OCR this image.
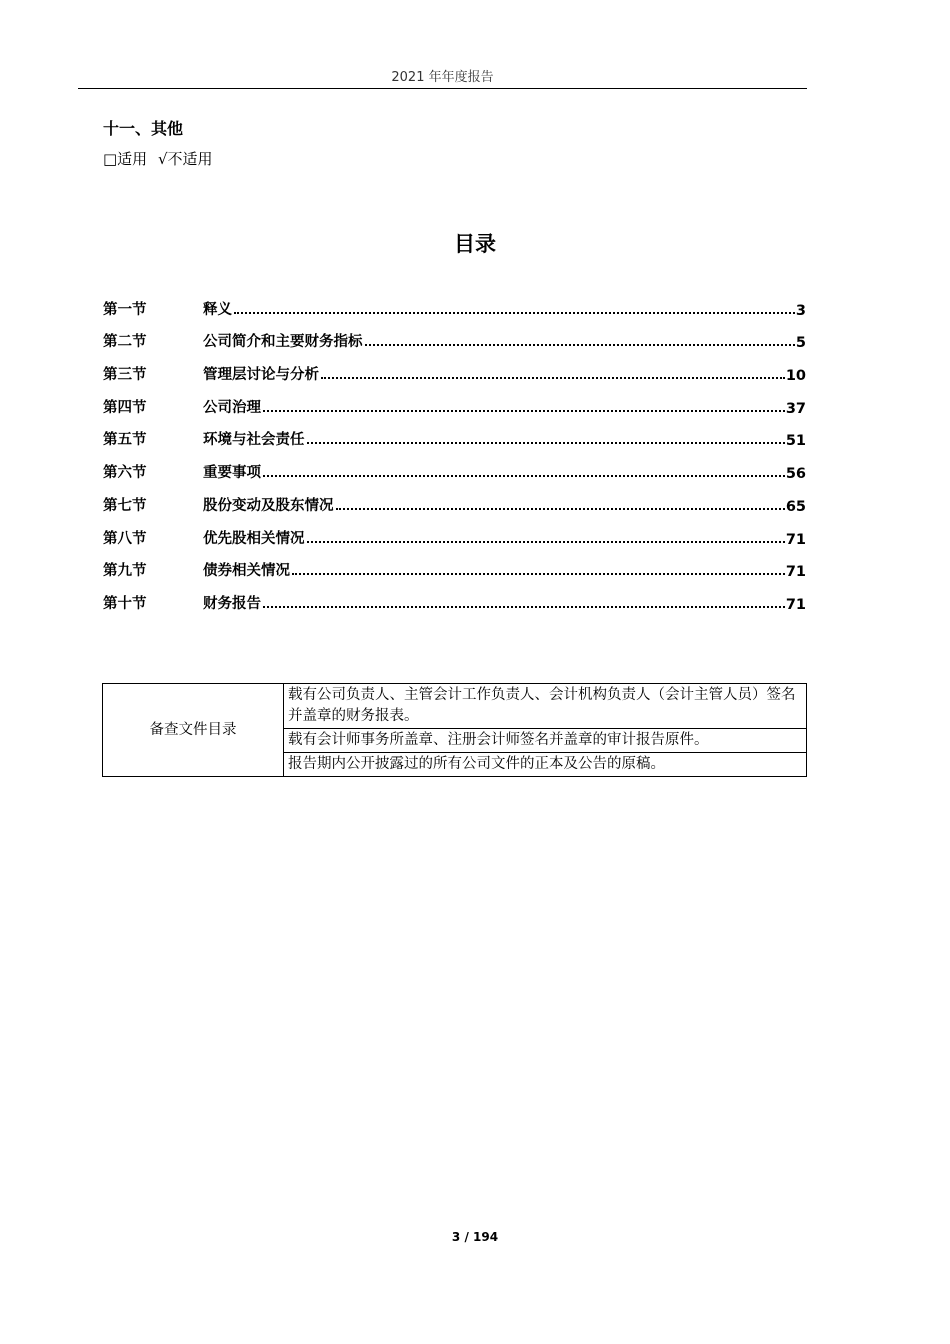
2021 年年度报告
十一、其他
□适用 √不适用
目录
第一节	释义	3
第二节	公司简介和主要财务指标	5
第三节	管理层讨论与分析	10
第四节	公司治理	37
第五节	环境与社会责任	51
第六节	重要事项	56
第七节	股份变动及股东情况	65
第八节	优先股相关情况	71
第九节	债券相关情况	71
第十节	财务报告	71
备查文件目录	载有公司负责人、主管会计工作负责人、会计机构负责人（会计主管人员）签名并盖章的财务报表。
载有会计师事务所盖章、注册会计师签名并盖章的审计报告原件。
报告期内公开披露过的所有公司文件的正本及公告的原稿。
3 / 194
